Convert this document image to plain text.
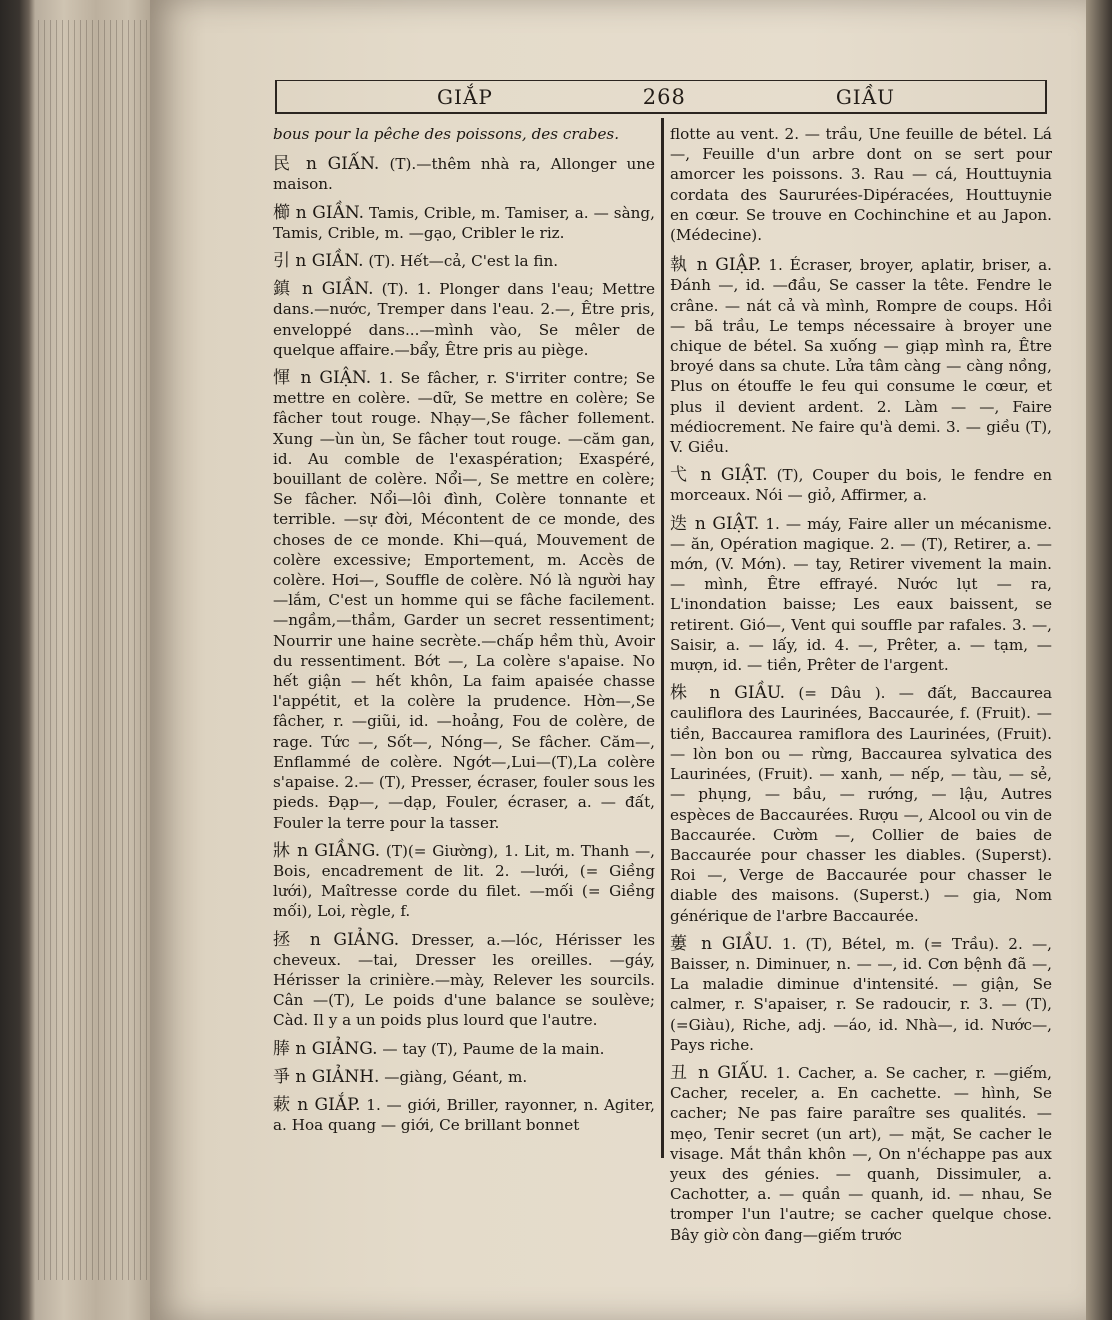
GIẮP	268	GIẦU

bous pour la pêche des poissons, des crabes.

民 n GIẤN. (T).—thêm nhà ra, Allonger une maison.

櫛 n GIẦN. Tamis, Crible, m. Tamiser, a. — sàng, Tamis, Crible, m. —gạo, Cribler le riz.

引 n GIẦN. (T). Hết—cả, C'est la fin.

鎮 n GIẦN. (T). 1. Plonger dans l'eau; Mettre dans.—nước, Tremper dans l'eau. 2.—, Être pris, enveloppé dans...—mình vào, Se mêler de quelque affaire.—bẩy, Être pris au piège.

惲 n GIẬN. 1. Se fâcher, r. S'irriter contre; Se mettre en colère. —dữ, Se mettre en colère; Se fâcher tout rouge. Nhạy—,Se fâcher follement. Xung —ùn ùn, Se fâcher tout rouge. —căm gan, id. Au comble de l'exaspération; Exaspéré, bouillant de colère. Nổi—, Se mettre en colère; Se fâcher. Nổi—lôi đình, Colère tonnante et terrible. —sự đời, Mécontent de ce monde, des choses de ce monde. Khi—quá, Mouvement de colère excessive; Emportement, m. Accès de colère. Hơi—, Souffle de colère. Nó là người hay —lắm, C'est un homme qui se fâche facilement. —ngầm,—thầm, Garder un secret ressentiment; Nourrir une haine secrète.—chấp hềm thù, Avoir du ressentiment. Bớt —, La colère s'apaise. No hết giận — hết khôn, La faim apaisée chasse l'appétit, et la colère la prudence. Hờn—,Se fâcher, r. —giũi, id. —hoảng, Fou de colère, de rage. Tức —, Sốt—, Nóng—, Se fâcher. Căm—, Enflammé de colère. Ngớt—,Lui—(T),La colère s'apaise. 2.— (T), Presser, écraser, fouler sous les pieds. Đạp—, —dạp, Fouler, écraser, a. — đất, Fouler la terre pour la tasser.

牀 n GIẦNG. (T)(= Giường), 1. Lit, m. Thanh —, Bois, encadrement de lit. 2. —lưới, (= Giềng lưới), Maîtresse corde du filet. —mối (= Giềng mối), Loi, règle, f.

拯 n GIẢNG. Dresser, a.—lóc, Hérisser les cheveux. —tai, Dresser les oreilles. —gáy, Hérisser la crinière.—mày, Relever les sourcils. Cân —(T), Le poids d'une balance se soulève; Càd. Il y a un poids plus lourd que l'autre.

䏾 n GIẢNG. — tay (T), Paume de la main.

爭 n GIẢNH. —giàng, Géant, m.

蔌 n GIẮP. 1. — giới, Briller, rayonner, n. Agiter, a. Hoa quang — giới, Ce brillant bonnet

flotte au vent. 2. — trầu, Une feuille de bétel. Lá —, Feuille d'un arbre dont on se sert pour amorcer les poissons. 3. Rau — cá, Houttuynia cordata des Saururées-Dipéracées, Houttuynie en cœur. Se trouve en Cochinchine et au Japon. (Médecine).

執 n GIẬP. 1. Écraser, broyer, aplatir, briser, a. Đánh —, id. —đầu, Se casser la tête. Fendre le crâne. — nát cả và mình, Rompre de coups. Hồi — bã trầu, Le temps nécessaire à broyer une chique de bétel. Sa xuống — giạp mình ra, Être broyé dans sa chute. Lửa tâm càng — càng nồng, Plus on étouffe le feu qui consume le cœur, et plus il devient ardent. 2. Làm — —, Faire médiocrement. Ne faire qu'à demi. 3. — giều (T), V. Giều.

弋 n GIẬT. (T), Couper du bois, le fendre en morceaux. Nói — giỏ, Affirmer, a.

迭 n GIẬT. 1. — máy, Faire aller un mécanisme.— ăn, Opération magique. 2. — (T), Retirer, a. — mớn, (V. Mớn). — tay, Retirer vivement la main. — mình, Être effrayé. Nước lụt — ra, L'inondation baisse; Les eaux baissent, se retirent. Gió—, Vent qui souffle par rafales. 3. —, Saisir, a. — lấy, id. 4. —, Prêter, a. — tạm, — mượn, id. — tiền, Prêter de l'argent.

株 n GIẦU. (= Dâu ). — đất, Baccaurea cauliflora des Laurinées, Baccaurée, f. (Fruit). — tiền, Baccaurea ramiflora des Laurinées, (Fruit). — lòn bon ou — rừng, Baccaurea sylvatica des Laurinées, (Fruit). — xanh, — nếp, — tàu, — sẻ, — phụng, — bầu, — rướng, — lậu, Autres espèces de Baccaurées. Rượu —, Alcool ou vin de Baccaurée. Cườm —, Collier de baies de Baccaurée pour chasser les diables. (Superst). Roi —, Verge de Baccaurée pour chasser le diable des maisons. (Superst.) — gia, Nom générique de l'arbre Baccaurée.

蔞 n GIẦU. 1. (T), Bétel, m. (= Trầu). 2. —, Baisser, n. Diminuer, n. — —, id. Cơn bệnh đã —, La maladie diminue d'intensité. — giận, Se calmer, r. S'apaiser, r. Se radoucir, r. 3. — (T),(=Giàu), Riche, adj. —áo, id. Nhà—, id. Nước—, Pays riche.

丑 n GIẤU. 1. Cacher, a. Se cacher, r. —giếm, Cacher, receler, a. En cachette. — hình, Se cacher; Ne pas faire paraître ses qualités. — mẹo, Tenir secret (un art), — mặt, Se cacher le visage. Mắt thần khôn —, On n'échappe pas aux yeux des génies. — quanh, Dissimuler, a. Cachotter, a. — quần — quanh, id. — nhau, Se tromper l'un l'autre; se cacher quelque chose. Bây giờ còn đang—giếm trước
